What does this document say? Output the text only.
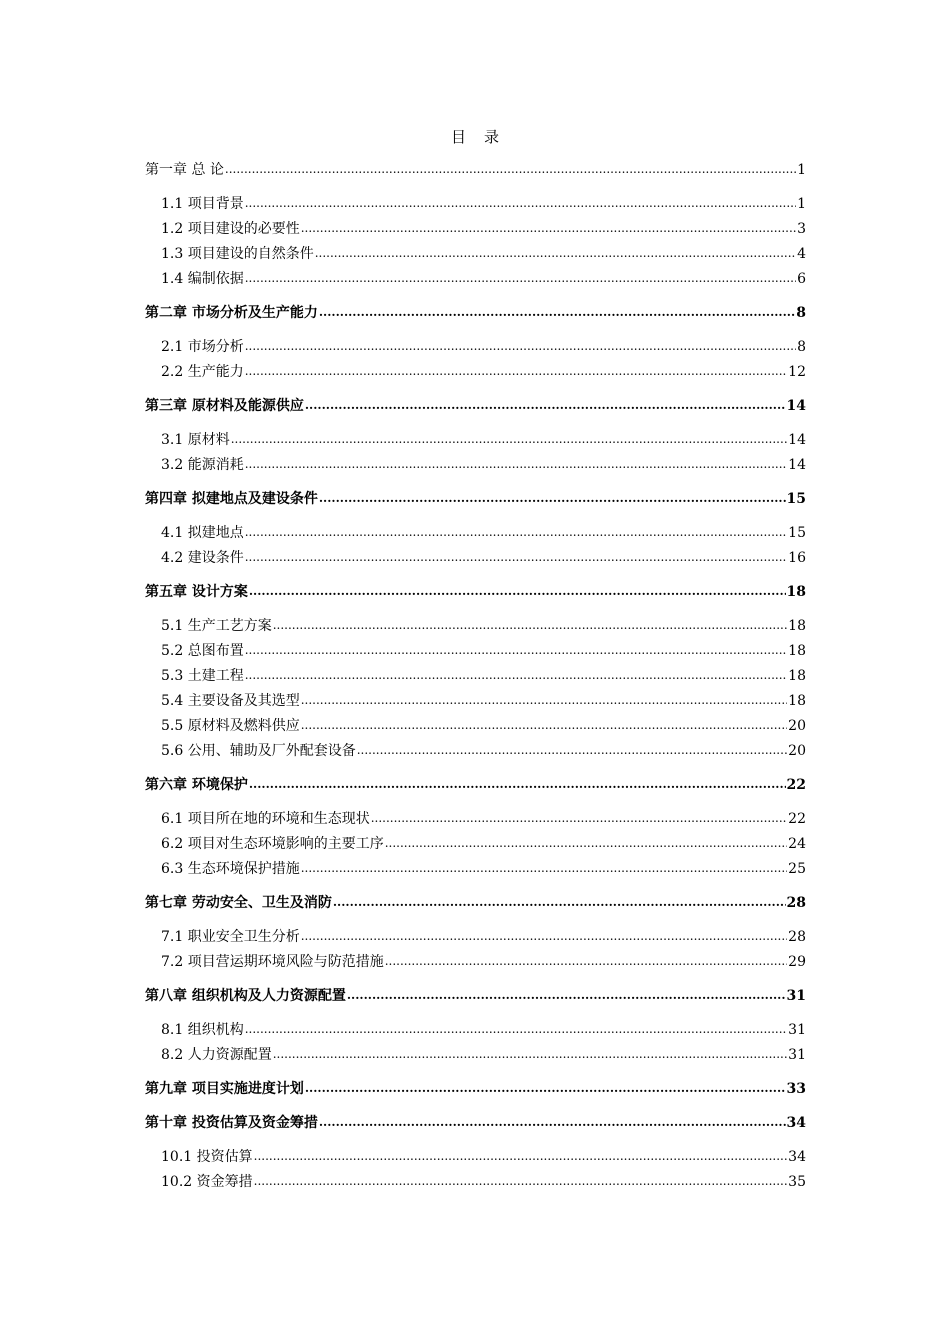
目录
第一章 总 论 .....	1
1.1 项目背景 .....	1
1.2 项目建设的必要性 .....	3
1.3 项目建设的自然条件 .....	4
1.4 编制依据 .....	6
第二章 市场分析及生产能力 .....	8
2.1 市场分析 .....	8
2.2 生产能力 .....	12
第三章 原材料及能源供应 .....	14
3.1 原材料 .....	14
3.2 能源消耗 .....	14
第四章 拟建地点及建设条件 .....	15
4.1 拟建地点 .....	15
4.2 建设条件 .....	16
第五章 设计方案 .....	18
5.1 生产工艺方案 .....	18
5.2 总图布置 .....	18
5.3 土建工程 .....	18
5.4 主要设备及其选型 .....	18
5.5 原材料及燃料供应 .....	20
5.6 公用、辅助及厂外配套设备 .....	20
第六章 环境保护 .....	22
6.1 项目所在地的环境和生态现状 .....	22
6.2 项目对生态环境影响的主要工序 .....	24
6.3 生态环境保护措施 .....	25
第七章 劳动安全、卫生及消防 .....	28
7.1 职业安全卫生分析 .....	28
7.2 项目营运期环境风险与防范措施 .....	29
第八章 组织机构及人力资源配置 .....	31
8.1 组织机构 .....	31
8.2 人力资源配置 .....	31
第九章 项目实施进度计划 .....	33
第十章 投资估算及资金筹措 .....	34
10.1 投资估算 .....	34
10.2 资金筹措 .....	35
